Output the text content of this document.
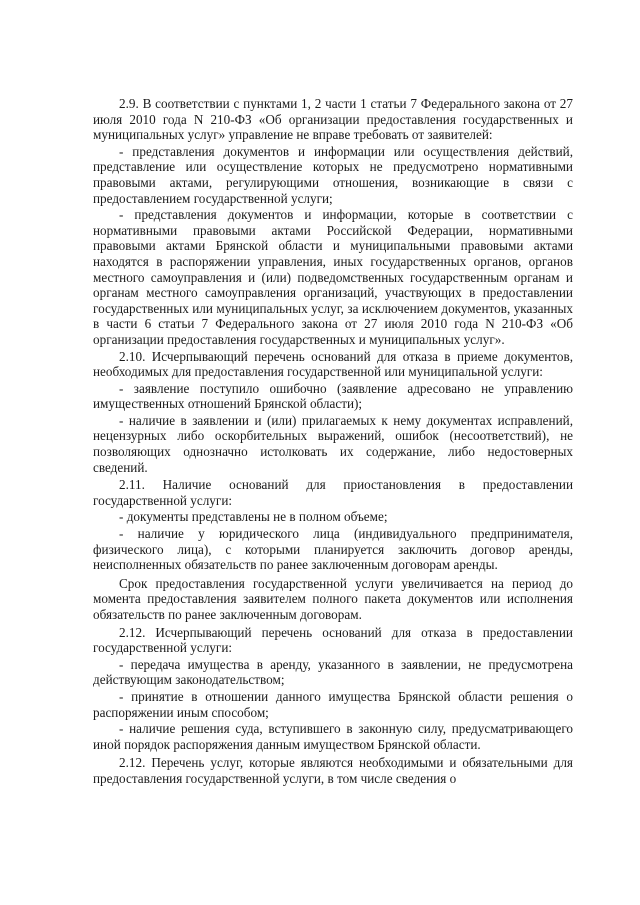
2.9. В соответствии с пунктами 1, 2 части 1 статьи 7 Федерального закона от 27 июля 2010 года N 210-ФЗ «Об организации предоставления государственных и муниципальных услуг» управление не вправе требовать от заявителей:

- представления документов и информации или осуществления действий, представление или осуществление которых не предусмотрено нормативными правовыми актами, регулирующими отношения, возникающие в связи с предоставлением государственной услуги;

- представления документов и информации, которые в соответствии с нормативными правовыми актами Российской Федерации, нормативными правовыми актами Брянской области и муниципальными правовыми актами находятся в распоряжении управления, иных государственных органов, органов местного самоуправления и (или) подведомственных государственным органам и органам местного самоуправления организаций, участвующих в предоставлении государственных или муниципальных услуг, за исключением документов, указанных в части 6 статьи 7 Федерального закона от 27 июля 2010 года N 210-ФЗ «Об организации предоставления государственных и муниципальных услуг».

2.10. Исчерпывающий перечень оснований для отказа в приеме документов, необходимых для предоставления государственной или муниципальной услуги:

- заявление поступило ошибочно (заявление адресовано не управлению имущественных отношений Брянской области);

- наличие в заявлении и (или) прилагаемых к нему документах исправлений, нецензурных либо оскорбительных выражений, ошибок (несоответствий), не позволяющих однозначно истолковать их содержание, либо недостоверных сведений.

2.11. Наличие оснований для приостановления в предоставлении государственной услуги:

- документы представлены не в полном объеме;

- наличие у юридического лица (индивидуального предпринимателя, физического лица), с которыми планируется заключить договор аренды, неисполненных обязательств по ранее заключенным договорам аренды.

Срок предоставления государственной услуги увеличивается на период до момента предоставления заявителем полного пакета документов или исполнения обязательств по ранее заключенным договорам.

2.12. Исчерпывающий перечень оснований для отказа в предоставлении государственной услуги:

- передача имущества в аренду, указанного в заявлении, не предусмотрена действующим законодательством;

- принятие в отношении данного имущества Брянской области решения о распоряжении иным способом;

- наличие решения суда, вступившего в законную силу, предусматривающего иной порядок распоряжения данным имуществом Брянской области.

2.12. Перечень услуг, которые являются необходимыми и обязательными для предоставления государственной услуги, в том числе сведения о
